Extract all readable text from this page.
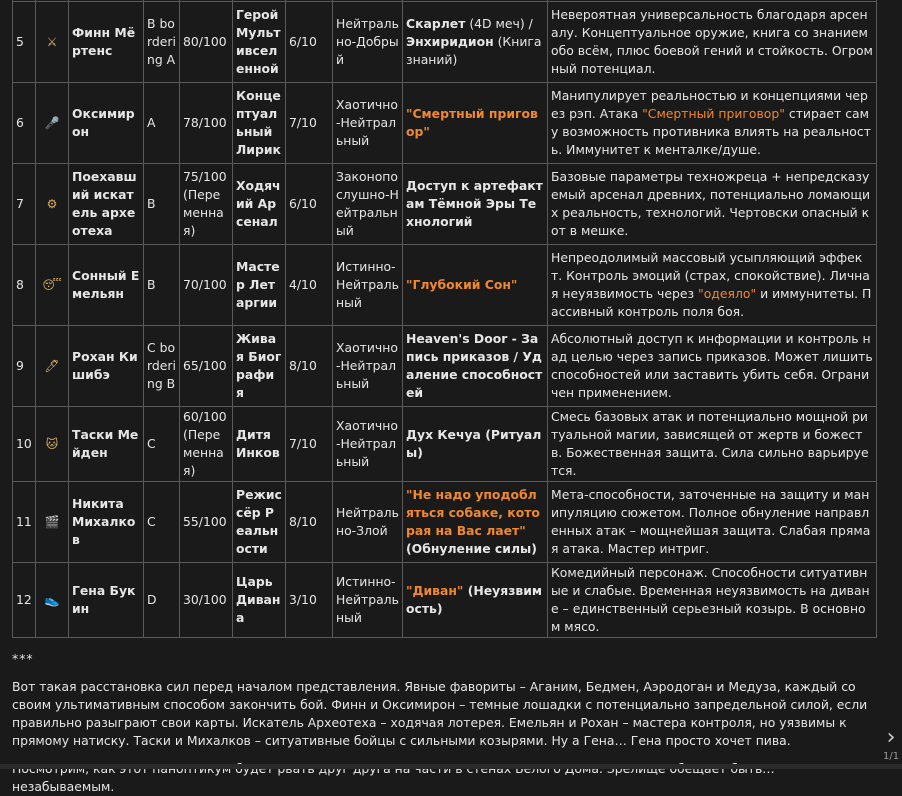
5	⚔	Финн Мёртенс	B bordering A	80/100	Герой Мультивселенной	6/10	Нейтрально-Добрый	Скарлет (4D меч) / Энхиридион (Книга знаний)	Невероятная универсальность благодаря арсеналу. Концептуальное оружие, книга со знанием обо всём, плюс боевой гений и стойкость. Огромный потенциал.
6	🎤	Оксимирон	A	78/100	Концептуальный Лирик	7/10	Хаотично-Нейтральный	"Смертный приговор"	Манипулирует реальностью и концепциями через рэп. Атака "Смертный приговор" стирает саму возможность противника влиять на реальность. Иммунитет к менталке/душе.
7	⚙	Поехавший искатель археотеха	B	75/100 (Переменная)	Ходячий Арсенал	6/10	Законопослушно-Нейтральный	Доступ к артефактам Тёмной Эры Технологий	Базовые параметры техножреца + непредсказуемый арсенал древних, потенциально ломающих реальность, технологий. Чертовски опасный кот в мешке.
8	😴	Сонный Емельян	B	70/100	Мастер Летаргии	4/10	Истинно-Нейтральный	"Глубокий Сон"	Непреодолимый массовый усыпляющий эффект. Контроль эмоций (страх, спокойствие). Личная неуязвимость через "одеяло" и иммунитеты. Пассивный контроль поля боя.
9	🖊	Рохан Кишибэ	C bordering B	65/100	Живая Биография	8/10	Хаотично-Нейтральный	Heaven's Door - Запись приказов / Удаление способностей	Абсолютный доступ к информации и контроль над целью через запись приказов. Может лишить способностей или заставить убить себя. Ограничен применением.
10	🐱	Таски Мейден	C	60/100 (Переменная)	Дитя Инков	7/10	Хаотично-Нейтральный	Дух Кечуа (Ритуалы)	Смесь базовых атак и потенциально мощной ритуальной магии, зависящей от жертв и божеств. Божественная защита. Сила сильно варьируется.
11	🎬	Никита Михалков	C	55/100	Режиссёр Реальности	8/10	Нейтрально-Злой	"Не надо уподобляться собаке, которая на Вас лает" (Обнуление силы)	Мета-способности, заточенные на защиту и манипуляцию сюжетом. Полное обнуление направленных атак – мощнейшая защита. Слабая прямая атака. Мастер интриг.
12	👟	Гена Букин	D	30/100	Царь Дивана	3/10	Истинно-Нейтральный	"Диван" (Неуязвимость)	Комедийный персонаж. Способности ситуативные и слабые. Временная неуязвимость на диване – единственный серьезный козырь. В основном мясо.
***

Вот такая расстановка сил перед началом представления. Явные фавориты – Аганим, Бедмен, Аэродоган и Медуза, каждый со своим ультимативным способом закончить бой. Финн и Оксимирон – темные лошадки с потенциально запредельной силой, если правильно разыграют свои карты. Искатель Археотеха – ходячая лотерея. Емельян и Рохан – мастера контроля, но уязвимы к прямому натиску. Таски и Михалков – ситуативные бойцы с сильными козырями. Ну а Гена… Гена просто хочет пива.

незабываемым.

›
1/1
